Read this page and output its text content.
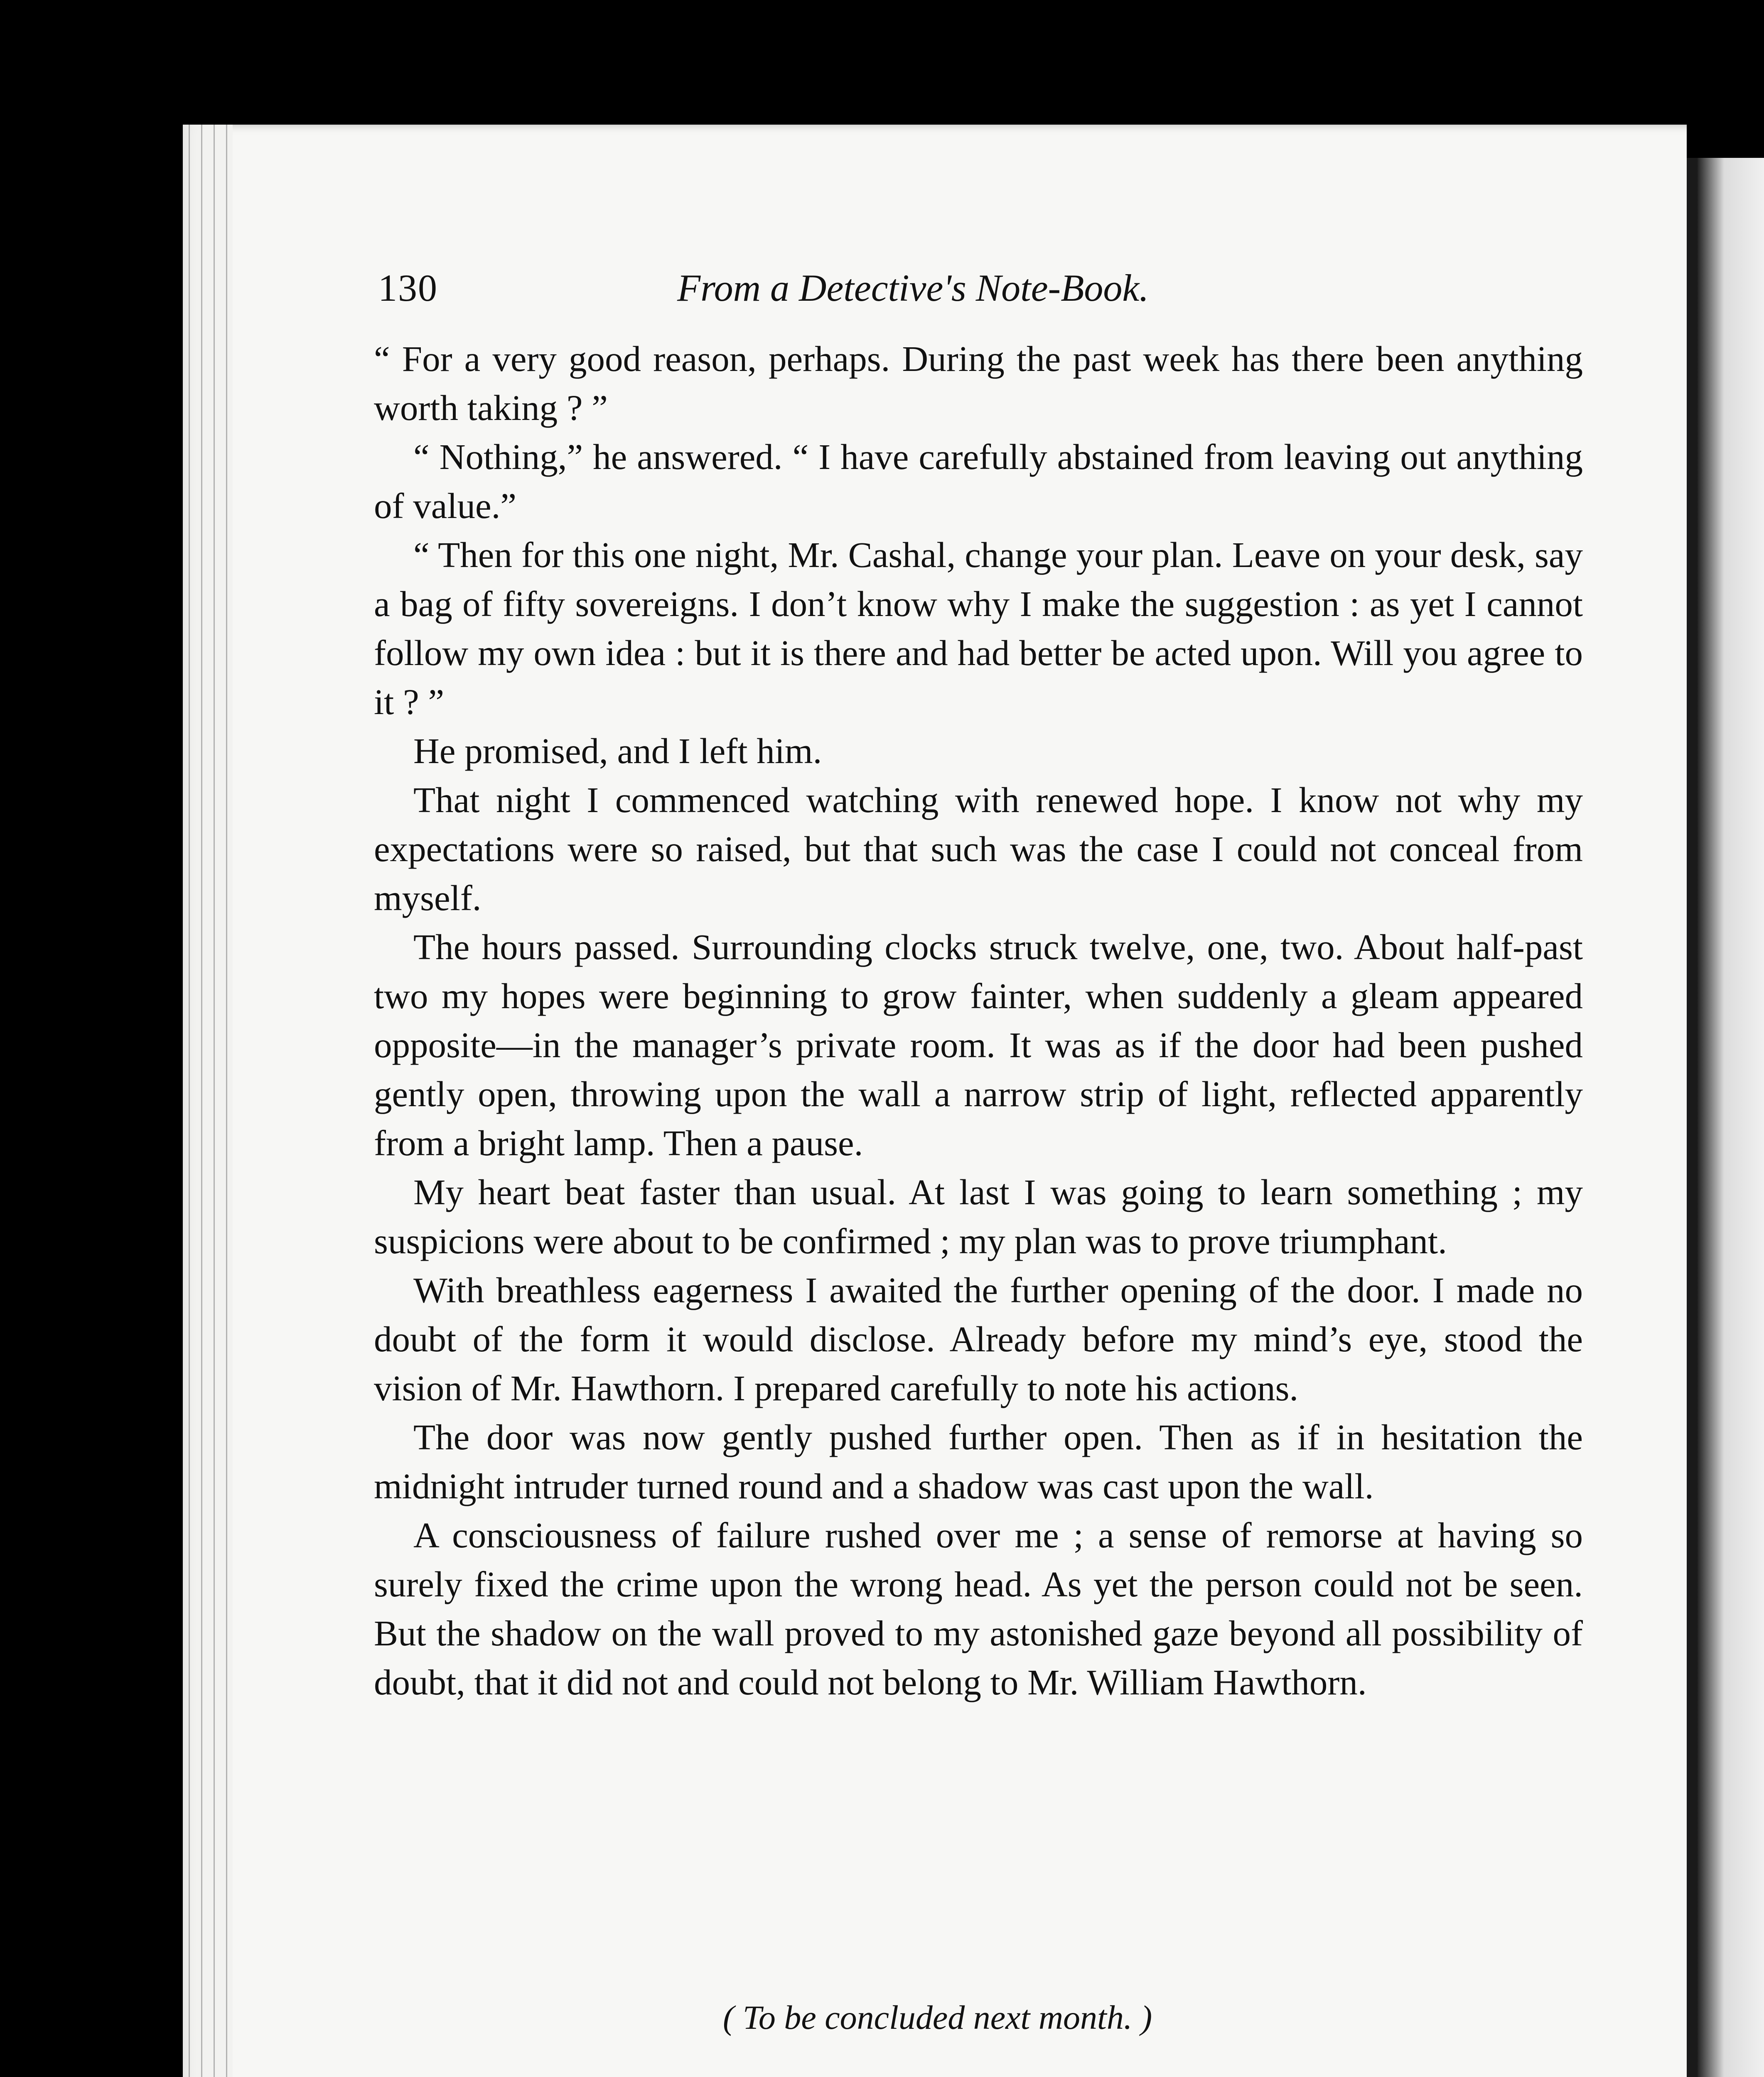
130	From a Detective's Note-Book.

“ For a very good reason, perhaps. During the past week has there been anything worth taking ? ”

“ Nothing,” he answered. “ I have carefully abstained from leaving out anything of value.”

“ Then for this one night, Mr. Cashal, change your plan. Leave on your desk, say a bag of fifty sovereigns. I don’t know why I make the suggestion : as yet I cannot follow my own idea : but it is there and had better be acted upon. Will you agree to it ? ”

He promised, and I left him.

That night I commenced watching with renewed hope. I know not why my expectations were so raised, but that such was the case I could not conceal from myself.

The hours passed. Surrounding clocks struck twelve, one, two. About half-past two my hopes were beginning to grow fainter, when suddenly a gleam appeared opposite—in the manager’s private room. It was as if the door had been pushed gently open, throwing upon the wall a narrow strip of light, reflected apparently from a bright lamp. Then a pause.

My heart beat faster than usual. At last I was going to learn something ; my suspicions were about to be confirmed ; my plan was to prove triumphant.

With breathless eagerness I awaited the further opening of the door. I made no doubt of the form it would disclose. Already before my mind’s eye, stood the vision of Mr. Hawthorn. I prepared carefully to note his actions.

The door was now gently pushed further open. Then as if in hesitation the midnight intruder turned round and a shadow was cast upon the wall.

A consciousness of failure rushed over me ; a sense of remorse at having so surely fixed the crime upon the wrong head. As yet the person could not be seen. But the shadow on the wall proved to my astonished gaze beyond all possibility of doubt, that it did not and could not belong to Mr. William Hawthorn.

( To be concluded next month. )
